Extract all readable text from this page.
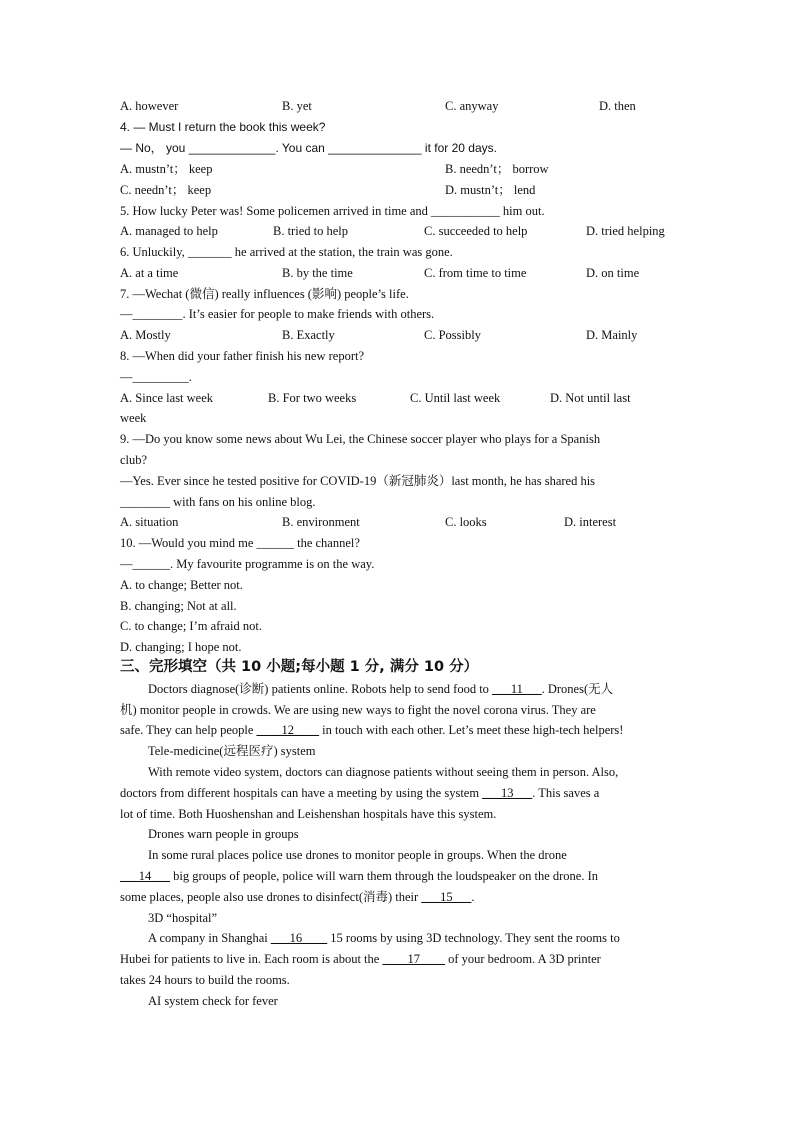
A. however	B. yet	C. anyway	D. then
4. — Must I return the book this week?
— No， you _____________. You can ______________ it for 20 days.
A. mustn’t； keep	B. needn’t； borrow
C. needn’t； keep	D. mustn’t； lend
5. How lucky Peter was! Some policemen arrived in time and ___________ him out.
A. managed to help	B. tried to help	C. succeeded to help	D. tried helping
6. Unluckily, _______ he arrived at the station, the train was gone.
A. at a time	B. by the time	C. from time to time	D. on time
7. —Wechat (微信) really influences (影响) people’s life.
—________. It’s easier for people to make friends with others.
A. Mostly	B. Exactly	C. Possibly	D. Mainly
8. —When did your father finish his new report?
—_________.
A. Since last week	B. For two weeks	C. Until last week	D. Not until last
week
9. —Do you know some news about Wu Lei, the Chinese soccer player who plays for a Spanish
club?
—Yes. Ever since he tested positive for COVID-19（新冠肺炎）last month, he has shared his
________ with fans on his online blog.
A. situation	B. environment	C. looks	D. interest
10. —Would you mind me ______ the channel?
—______. My favourite programme is on the way.
A. to change; Better not.
B. changing; Not at all.
C. to change; I’m afraid not.
D. changing; I hope not.
三、完形填空（共 10 小题;每小题 1 分, 满分 10 分）
Doctors diagnose(诊断) patients online. Robots help to send food to ___11___. Drones(无人
机) monitor people in crowds. We are using new ways to fight the novel corona virus. They are
safe. They can help people ____12____ in touch with each other. Let’s meet these high-tech helpers!
Tele-medicine(远程医疗) system
With remote video system, doctors can diagnose patients without seeing them in person. Also,
doctors from different hospitals can have a meeting by using the system ___13___. This saves a
lot of time. Both Huoshenshan and Leishenshan hospitals have this system.
Drones warn people in groups
In some rural places police use drones to monitor people in groups. When the drone
___14___ big groups of people, police will warn them through the loudspeaker on the drone. In
some places, people also use drones to disinfect(消毒) their ___15___.
3D “hospital”
A company in Shanghai ___16____ 15 rooms by using 3D technology. They sent the rooms to
Hubei for patients to live in. Each room is about the ____17____ of your bedroom. A 3D printer
takes 24 hours to build the rooms.
AI system check for fever
